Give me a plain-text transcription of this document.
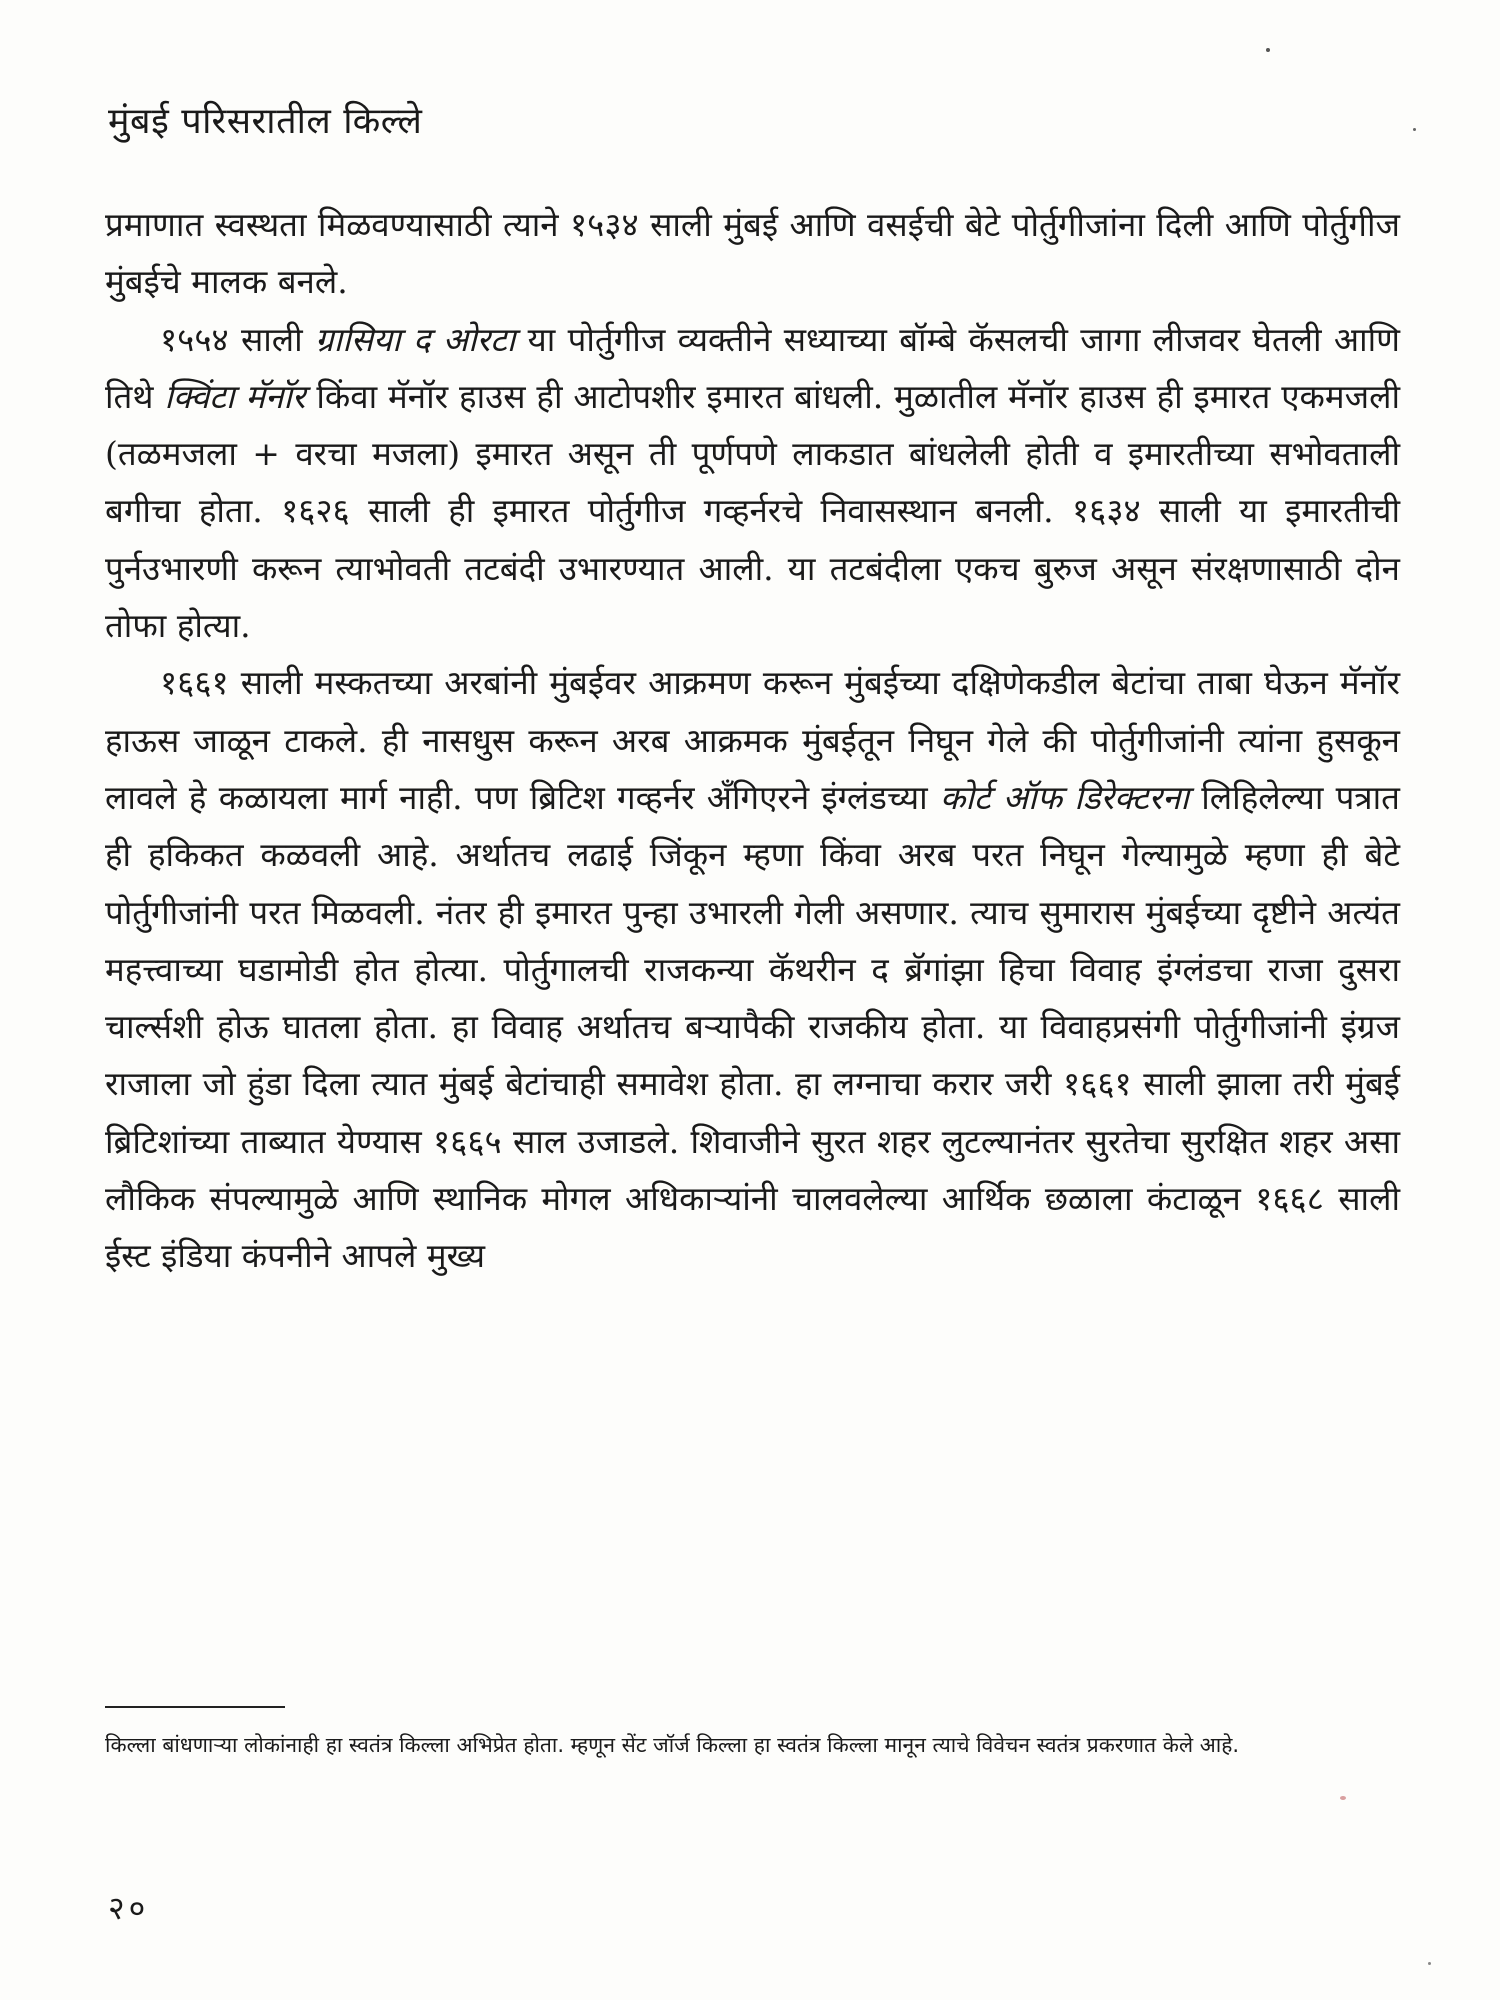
मुंबई परिसरातील किल्ले

प्रमाणात स्वस्थता मिळवण्यासाठी त्याने १५३४ साली मुंबई आणि वसईची बेटे पोर्तुगीजांना दिली आणि पोर्तुगीज मुंबईचे मालक बनले.

१५५४ साली ग्रासिया द ओरटा या पोर्तुगीज व्यक्तीने सध्याच्या बॉम्बे कॅसलची जागा लीजवर घेतली आणि तिथे क्विंटा मॅनॉर किंवा मॅनॉर हाउस ही आटोपशीर इमारत बांधली. मुळातील मॅनॉर हाउस ही इमारत एकमजली (तळमजला + वरचा मजला) इमारत असून ती पूर्णपणे लाकडात बांधलेली होती व इमारतीच्या सभोवताली बगीचा होता. १६२६ साली ही इमारत पोर्तुगीज गव्हर्नरचे निवासस्थान बनली. १६३४ साली या इमारतीची पुर्नउभारणी करून त्याभोवती तटबंदी उभारण्यात आली. या तटबंदीला एकच बुरुज असून संरक्षणासाठी दोन तोफा होत्या.

१६६१ साली मस्कतच्या अरबांनी मुंबईवर आक्रमण करून मुंबईच्या दक्षिणेकडील बेटांचा ताबा घेऊन मॅनॉर हाऊस जाळून टाकले. ही नासधुस करून अरब आक्रमक मुंबईतून निघून गेले की पोर्तुगीजांनी त्यांना हुसकून लावले हे कळायला मार्ग नाही. पण ब्रिटिश गव्हर्नर ॲंगिएरने इंग्लंडच्या कोर्ट ऑफ डिरेक्टरना लिहिलेल्या पत्रात ही हकिकत कळवली आहे. अर्थातच लढाई जिंकून म्हणा किंवा अरब परत निघून गेल्यामुळे म्हणा ही बेटे पोर्तुगीजांनी परत मिळवली. नंतर ही इमारत पुन्हा उभारली गेली असणार. त्याच सुमारास मुंबईच्या दृष्टीने अत्यंत महत्त्वाच्या घडामोडी होत होत्या. पोर्तुगालची राजकन्या कॅथरीन द ब्रॅगांझा हिचा विवाह इंग्लंडचा राजा दुसरा चार्ल्सशी होऊ घातला होता. हा विवाह अर्थातच बऱ्यापैकी राजकीय होता. या विवाहप्रसंगी पोर्तुगीजांनी इंग्रज राजाला जो हुंडा दिला त्यात मुंबई बेटांचाही समावेश होता. हा लग्नाचा करार जरी १६६१ साली झाला तरी मुंबई ब्रिटिशांच्या ताब्यात येण्यास १६६५ साल उजाडले. शिवाजीने सुरत शहर लुटल्यानंतर सुरतेचा सुरक्षित शहर असा लौकिक संपल्यामुळे आणि स्थानिक मोगल अधिकाऱ्यांनी चालवलेल्या आर्थिक छळाला कंटाळून १६६८ साली ईस्ट इंडिया कंपनीने आपले मुख्य

किल्ला बांधणाऱ्या लोकांनाही हा स्वतंत्र किल्ला अभिप्रेत होता. म्हणून सेंट जॉर्ज किल्ला हा स्वतंत्र किल्ला मानून त्याचे विवेचन स्वतंत्र प्रकरणात केले आहे.

२०
